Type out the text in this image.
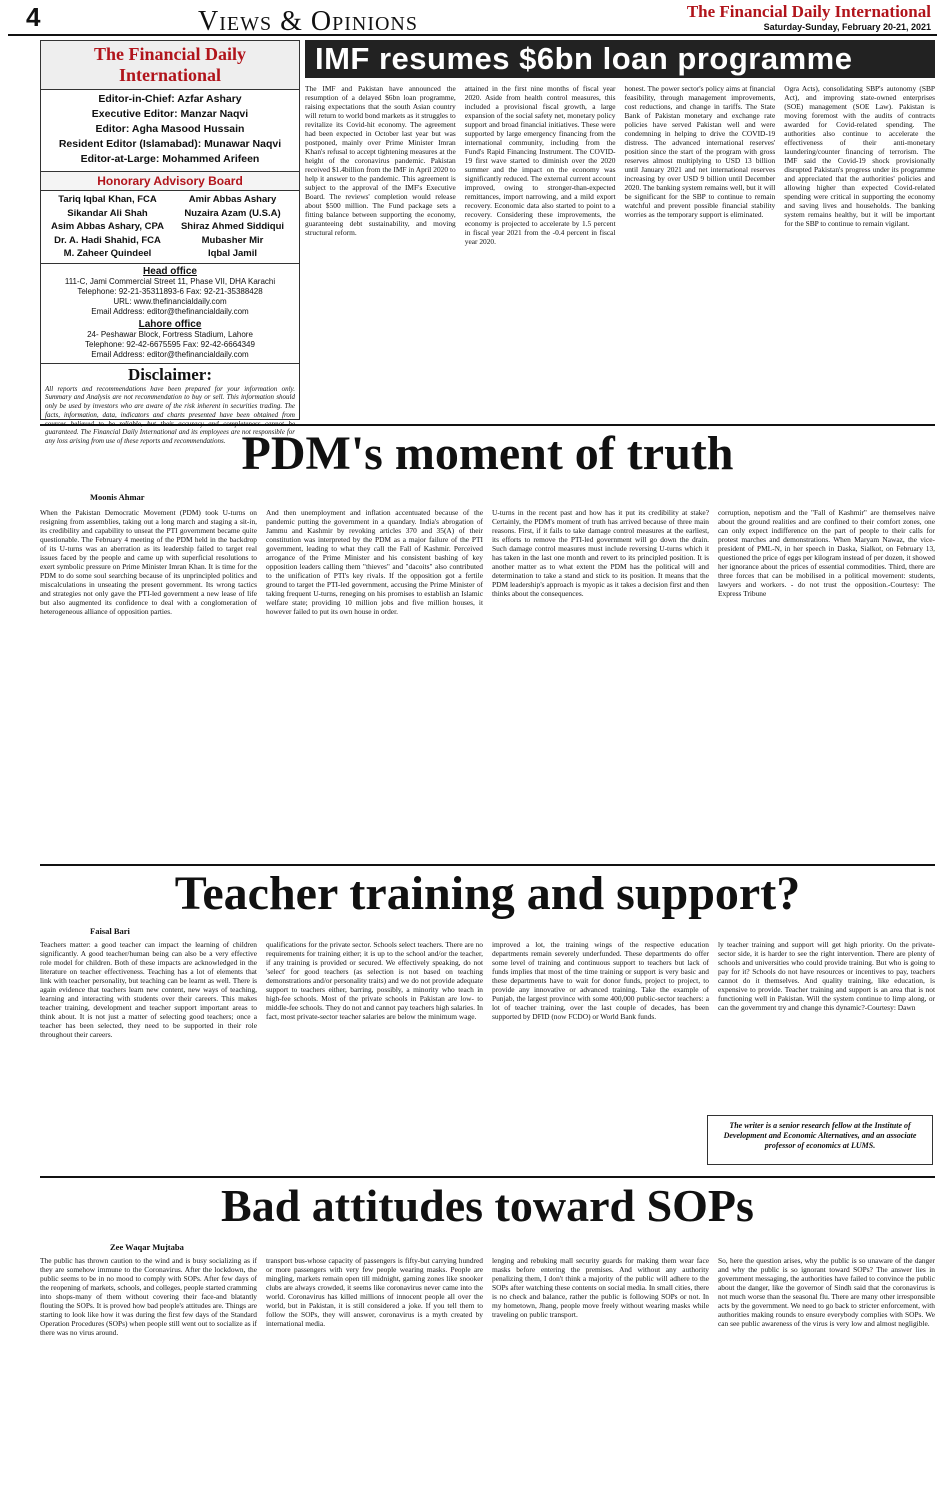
4	Views & Opinions	The Financial Daily International
Saturday-Sunday, February 20-21, 2021
The Financial Daily International
Editor-in-Chief: Azfar Ashary
Executive Editor: Manzar Naqvi
Editor: Agha Masood Hussain
Resident Editor (Islamabad): Munawar Naqvi
Editor-at-Large: Mohammed Arifeen
Honorary Advisory Board
Tariq Iqbal Khan, FCA	Amir Abbas Ashary
Sikandar Ali Shah	Nuzaira Azam (U.S.A)
Asim Abbas Ashary, CPA	Shiraz Ahmed Siddiqui
Dr. A. Hadi Shahid, FCA	Mubasher Mir
M. Zaheer Quindeel	Iqbal Jamil
Head office
111-C, Jami Commercial Street 11, Phase VII, DHA Karachi
Telephone: 92-21-35311893-6 Fax: 92-21-35388428
URL: www.thefinancialdaily.com
Email Address: editor@thefinancialdaily.com
Lahore office
24- Peshawar Block, Fortress Stadium, Lahore
Telephone: 92-42-6675595 Fax: 92-42-6664349
Email Address: editor@thefinancialdaily.com
Disclaimer:
All reports and recommendations have been prepared for your information only. Summary and Analysis are not recommendation to buy or sell. This information should only be used by investors who are aware of the risk inherent in securities trading. The facts, information, data, indicators and charts presented have been obtained from sources believed to be reliable, but their accuracy and completeness cannot be guaranteed. The Financial Daily International and its employees are not responsible for any loss arising from use of these reports and recommendations.
IMF resumes $6bn loan programme
The IMF and Pakistan have announced the resumption of a delayed $6bn loan programme, raising expectations that the south Asian country will return to world bond markets as it struggles to revitalize its Covid-hit economy. The agreement had been expected in October last year but was postponed, mainly over Prime Minister Imran Khan's refusal to accept tightening measures at the height of the coronavirus pandemic. Pakistan received $1.4billion from the IMF in April 2020 to help it answer to the pandemic. This agreement is subject to the approval of the IMF's Executive Board. The reviews' completion would release about $500 million. The Fund package sets a fitting balance between supporting the economy, guaranteeing debt sustainability, and moving structural reform.
attained in the first nine months of fiscal year 2020. Aside from health control measures, this included a provisional fiscal growth, a large expansion of the social safety net, monetary policy support and broad financial initiatives. These were supported by large emergency financing from the international community, including from the Fund's Rapid Financing Instrument. The COVID-19 first wave started to diminish over the 2020 summer and the impact on the economy was significantly reduced. The external current account improved, owing to stronger-than-expected remittances, import narrowing, and a mild export recovery. Economic data also started to point to a recovery. Considering these improvements, the economy is projected to accelerate by 1.5 percent in fiscal year 2021 from the -0.4 percent in fiscal year 2020.
honest. The power sector's policy aims at financial feasibility, through management improvements, cost reductions, and change in tariffs. The State Bank of Pakistan monetary and exchange rate policies have served Pakistan well and were condemning in helping to drive the COVID-19 distress. The advanced international reserves' position since the start of the program with gross reserves almost multiplying to USD 13 billion until January 2021 and net international reserves increasing by over USD 9 billion until December 2020. The banking system remains well, but it will be significant for the SBP to continue to remain watchful and prevent possible financial stability worries as the temporary support is eliminated.
Ogra Acts), consolidating SBP's autonomy (SBP Act), and improving state-owned enterprises (SOE) management (SOE Law). Pakistan is moving foremost with the audits of contracts awarded for Covid-related spending. The authorities also continue to accelerate the effectiveness of their anti-monetary laundering/counter financing of terrorism. The IMF said the Covid-19 shock provisionally disrupted Pakistan's progress under its programme and appreciated that the authorities' policies and allowing higher than expected Covid-related spending were critical in supporting the economy and saving lives and households. The banking system remains healthy, but it will be important for the SBP to continue to remain vigilant.
PDM's moment of truth
Moonis Ahmar
When the Pakistan Democratic Movement (PDM) took U-turns on resigning from assemblies, taking out a long march and staging a sit-in, its credibility and capability to unseat the PTI government became quite questionable. The February 4 meeting of the PDM held in the backdrop of its U-turns was an aberration as its leadership failed to target real issues faced by the people and came up with superficial resolutions to exert symbolic pressure on Prime Minister Imran Khan. It is time for the PDM to do some soul searching because of its unprincipled politics and miscalculations in unseating the present government. Its wrong tactics and strategies not only gave the PTI-led government a new lease of life but also augmented its confidence to deal with a conglomeration of heterogeneous alliance of opposition parties.
And then unemployment and inflation accentuated because of the pandemic putting the government in a quandary. India's abrogation of Jammu and Kashmir by revoking articles 370 and 35(A) of their constitution was interpreted by the PDM as a major failure of the PTI government, leading to what they call the Fall of Kashmir. Perceived arrogance of the Prime Minister and his consistent bashing of key opposition leaders calling them "thieves" and "dacoits" also contributed to the unification of PTI's key rivals. If the opposition got a fertile ground to target the PTI-led government, accusing the Prime Minister of taking frequent U-turns, reneging on his promises to establish an Islamic welfare state; providing 10 million jobs and five million houses, it however failed to put its own house in order.
U-turns in the recent past and how has it put its credibility at stake? Certainly, the PDM's moment of truth has arrived because of three main reasons. First, if it fails to take damage control measures at the earliest, its efforts to remove the PTI-led government will go down the drain. Such damage control measures must include reversing U-turns which it has taken in the last one month and revert to its principled position. It is another matter as to what extent the PDM has the political will and determination to take a stand and stick to its position. It means that the PDM leadership's approach is myopic as it takes a decision first and then thinks about the consequences.
corruption, nepotism and the "Fall of Kashmir" are themselves naive about the ground realities and are confined to their comfort zones, one can only expect indifference on the part of people to their calls for protest marches and demonstrations. When Maryam Nawaz, the vice-president of PML-N, in her speech in Daska, Sialkot, on February 13, questioned the price of eggs per kilogram instead of per dozen, it showed her ignorance about the prices of essential commodities. Third, there are three forces that can be mobilised in a political movement: students, lawyers and workers. - do not trust the opposition.-Courtesy: The Express Tribune
Teacher training and support?
Faisal Bari
Teachers matter: a good teacher can impact the learning of children significantly. A good teacher/human being can also be a very effective role model for children. Both of these impacts are acknowledged in the literature on teacher effectiveness. Teaching has a lot of elements that link with teacher personality, but teaching can be learnt as well. There is again evidence that teachers learn new content, new ways of teaching, learning and interacting with students over their careers. This makes teacher training, development and teacher support important areas to think about. It is not just a matter of selecting good teachers; once a teacher has been selected, they need to be supported in their role throughout their careers.
qualifications for the private sector. Schools select teachers. There are no requirements for training either; it is up to the school and/or the teacher, if any training is provided or secured. We effectively speaking, do not 'select' for good teachers (as selection is not based on teaching demonstrations and/or personality traits) and we do not provide adequate support to teachers either, barring, possibly, a minority who teach in high-fee schools. Most of the private schools in Pakistan are low- to middle-fee schools. They do not and cannot pay teachers high salaries. In fact, most private-sector teacher salaries are below the minimum wage.
improved a lot, the training wings of the respective education departments remain severely underfunded. These departments do offer some level of training and continuous support to teachers but lack of funds implies that most of the time training or support is very basic and these departments have to wait for donor funds, project to project, to provide any innovative or advanced training. Take the example of Punjab, the largest province with some 400,000 public-sector teachers: a lot of teacher training, over the last couple of decades, has been supported by DFID (now FCDO) or World Bank funds.
ly teacher training and support will get high priority. On the private-sector side, it is harder to see the right intervention. There are plenty of schools and universities who could provide training. But who is going to pay for it? Schools do not have resources or incentives to pay, teachers cannot do it themselves. And quality training, like education, is expensive to provide. Teacher training and support is an area that is not functioning well in Pakistan. Will the system continue to limp along, or can the government try and change this dynamic?-Courtesy: Dawn
The writer is a senior research fellow at the Institute of Development and Economic Alternatives, and an associate professor of economics at LUMS.
Bad attitudes toward SOPs
Zee Waqar Mujtaba
The public has thrown caution to the wind and is busy socializing as if they are somehow immune to the Coronavirus. After the lockdown, the public seems to be in no mood to comply with SOPs. After few days of the reopening of markets, schools, and colleges, people started cramming into shops-many of them without covering their face-and blatantly flouting the SOPs. It is proved how bad people's attitudes are. Things are starting to look like how it was during the first few days of the Standard Operation Procedures (SOPs) when people still went out to socialize as if there was no virus around.
transport bus-whose capacity of passengers is fifty-but carrying hundred or more passengers with very few people wearing masks. People are mingling, markets remain open till midnight, gaming zones like snooker clubs are always crowded, it seems like coronavirus never came into the world. Coronavirus has killed millions of innocent people all over the world, but in Pakistan, it is still considered a joke. If you tell them to follow the SOPs, they will answer, coronavirus is a myth created by international media.
lenging and rebuking mall security guards for making them wear face masks before entering the premises. And without any authority penalizing them, I don't think a majority of the public will adhere to the SOPs after watching these contents on social media. In small cities, there is no check and balance, rather the public is following SOPs or not. In my hometown, Jhang, people move freely without wearing masks while traveling on public transport.
So, here the question arises, why the public is so unaware of the danger and why the public is so ignorant toward SOPs? The answer lies in government messaging, the authorities have failed to convince the public about the danger, like the governor of Sindh said that the coronavirus is not much worse than the seasonal flu. There are many other irresponsible acts by the government. We need to go back to stricter enforcement, with authorities making rounds to ensure everybody complies with SOPs. We can see public awareness of the virus is very low and almost negligible.
